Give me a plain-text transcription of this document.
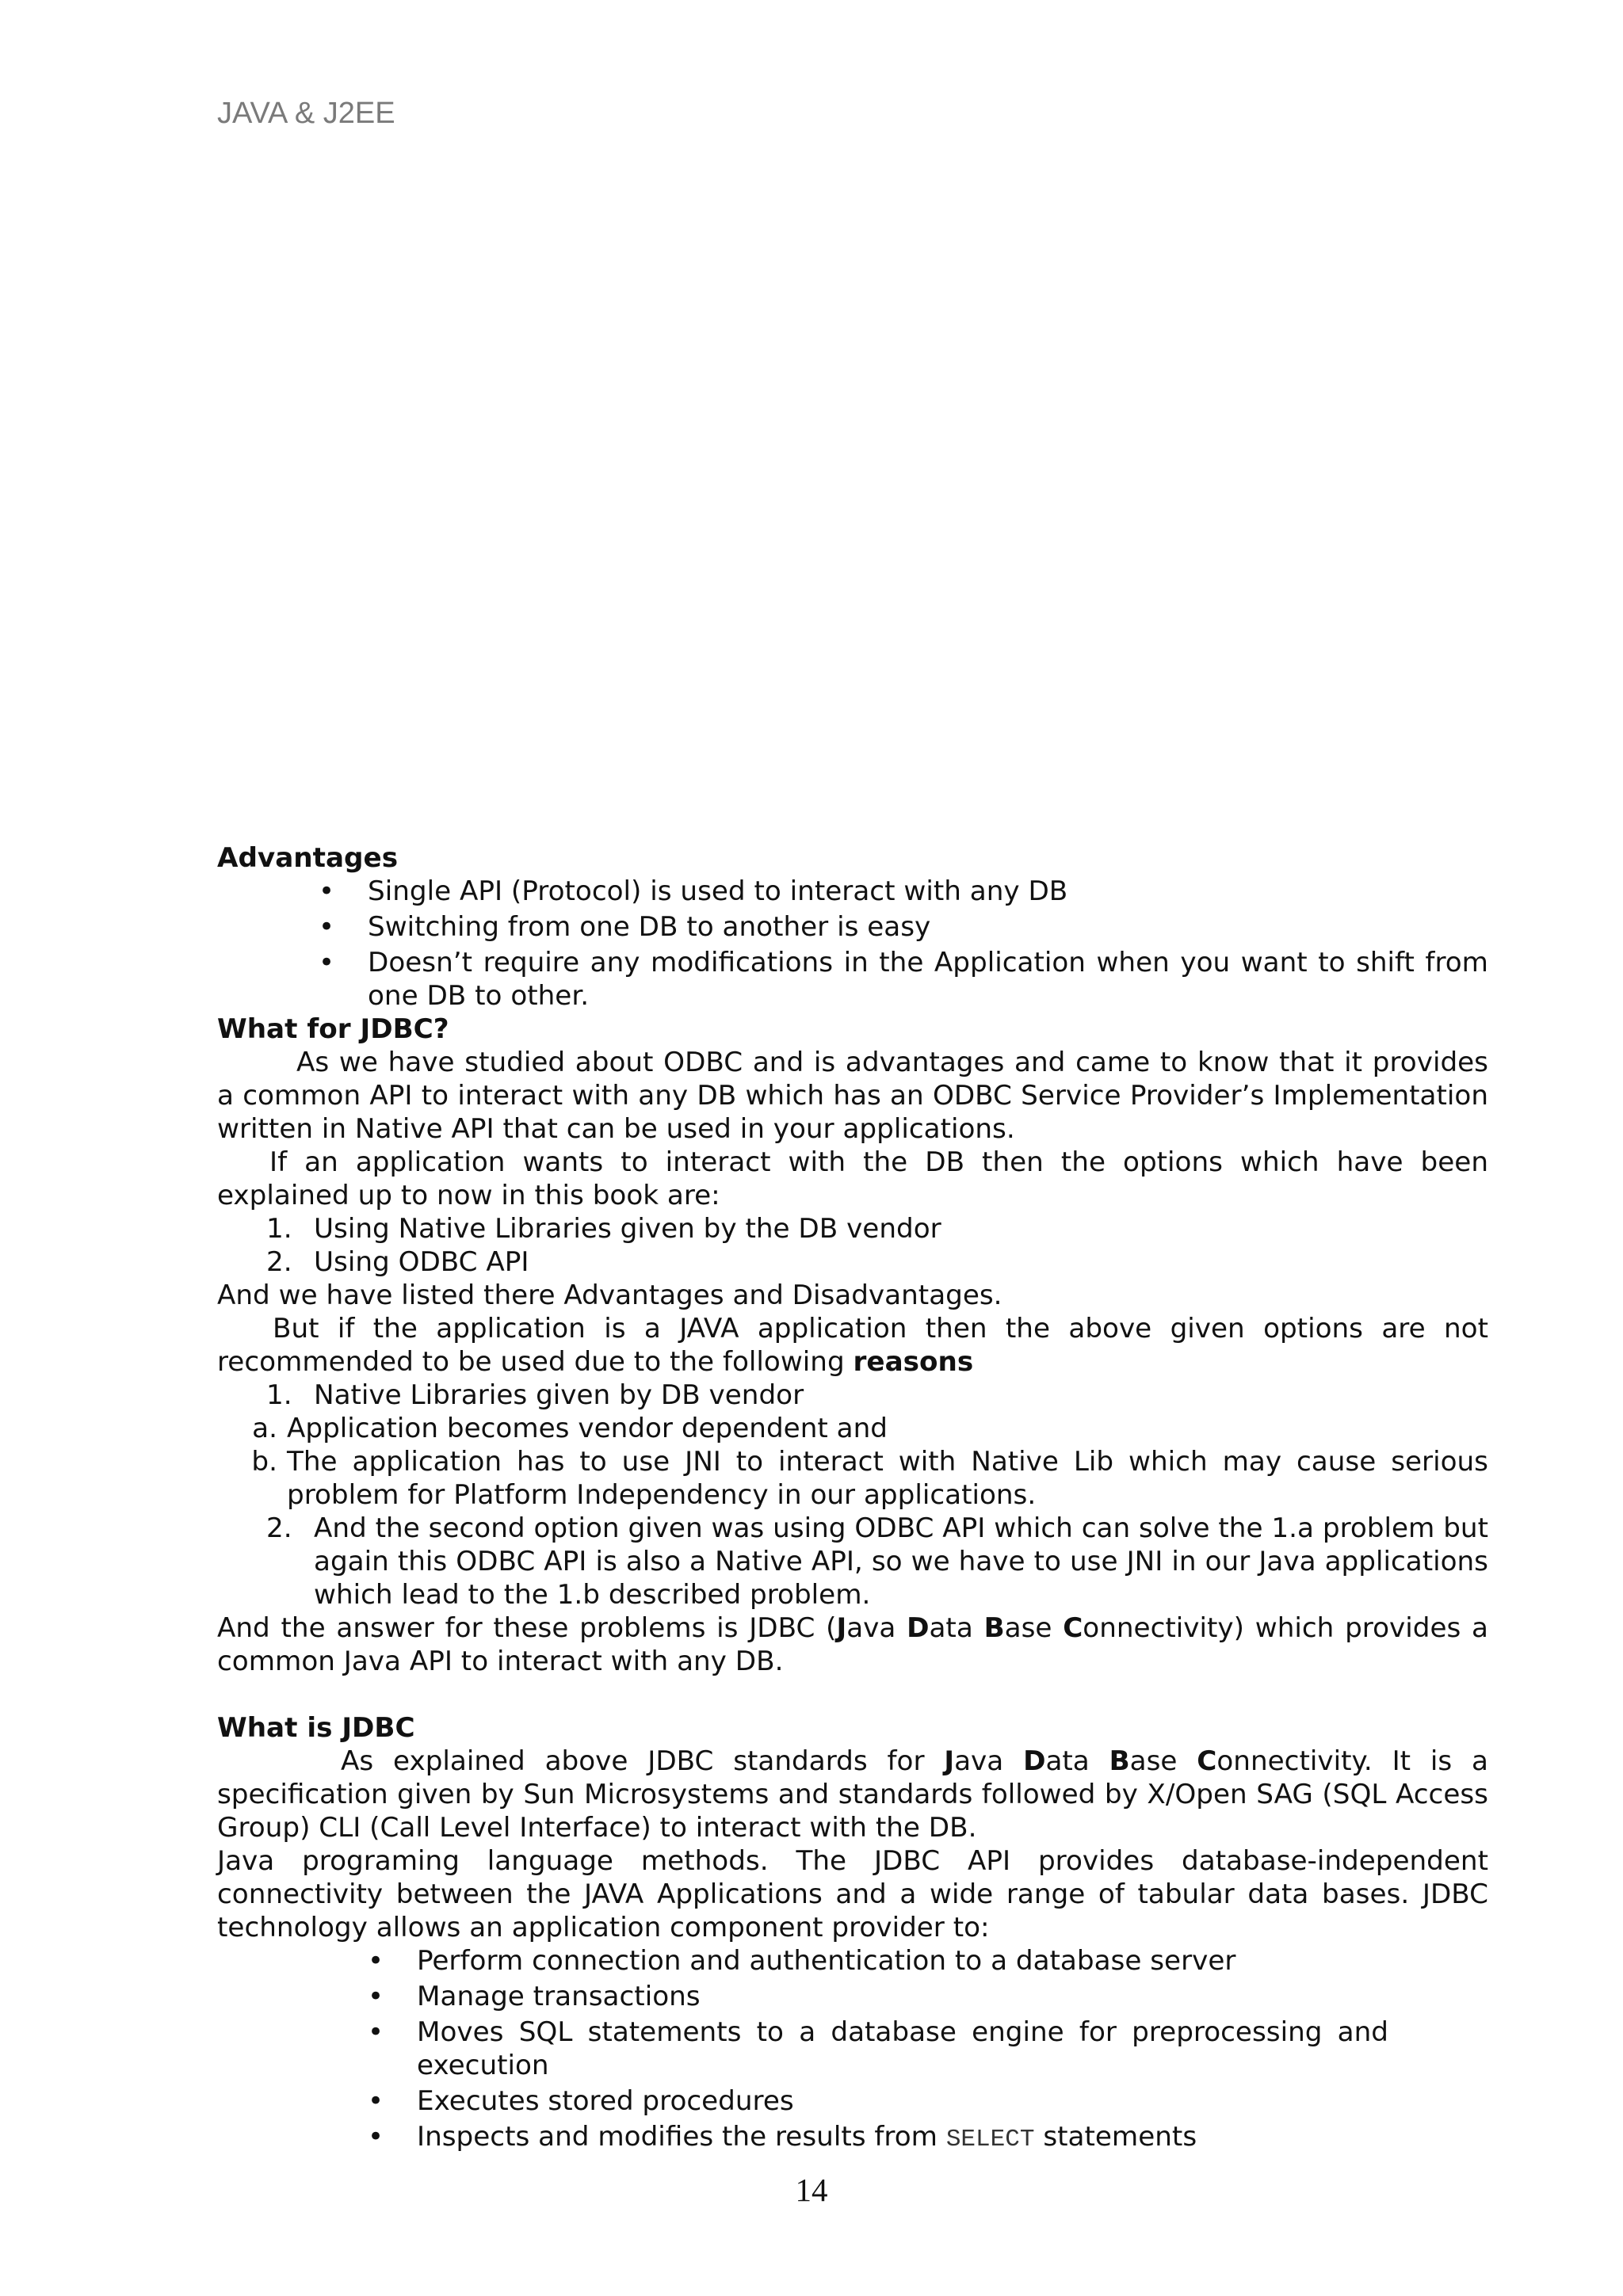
JAVA & J2EE

Advantages

•	Single API (Protocol) is used to interact with any DB
•	Switching from one DB to another is easy
•	Doesn’t require any modifications in the Application when you want to shift from one DB to other.

What for JDBC?

As we have studied about ODBC and is advantages and came to know that it provides a common API to interact with any DB which has an ODBC Service Provider’s Implementation written in Native API that can be used in your applications.

If an application wants to interact with the DB then the options which have been explained up to now in this book are:

1. Using Native Libraries given by the DB vendor
2. Using ODBC API

And we have listed there Advantages and Disadvantages.

But if the application is a JAVA application then the above given options are not recommended to be used due to the following reasons

1. Native Libraries given by DB vendor
a. Application becomes vendor dependent and
b. The application has to use JNI to interact with Native Lib which may cause serious problem for Platform Independency in our applications.
2. And the second option given was using ODBC API which can solve the 1.a problem but again this ODBC API is also a Native API, so we have to use JNI in our Java applications which lead to the 1.b described problem.

And the answer for these problems is JDBC (Java Data Base Connectivity) which provides a common Java API to interact with any DB.

What is JDBC

As explained above JDBC standards for Java Data Base Connectivity. It is a specification given by Sun Microsystems and standards followed by X/Open SAG (SQL Access Group) CLI (Call Level Interface) to interact with the DB.

Java programing language methods. The JDBC API provides database-independent connectivity between the JAVA Applications and a wide range of tabular data bases. JDBC technology allows an application component provider to:

•	Perform connection and authentication to a database server
•	Manage transactions
•	Moves SQL statements to a database engine for preprocessing and execution
•	Executes stored procedures
•	Inspects and modifies the results from SELECT statements
14
